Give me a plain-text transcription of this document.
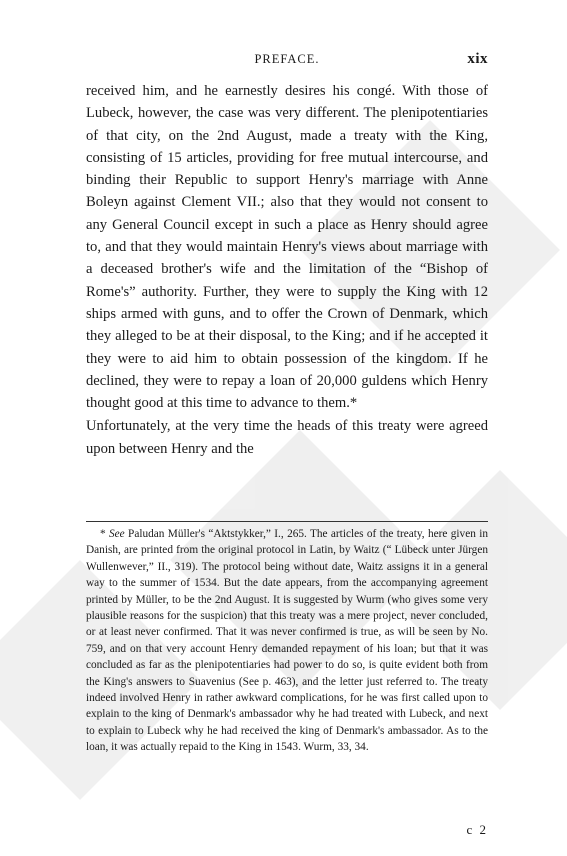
PREFACE.	xix

received him, and he earnestly desires his congé. With those of Lubeck, however, the case was very different. The plenipotentiaries of that city, on the 2nd August, made a treaty with the King, consisting of 15 articles, providing for free mutual intercourse, and binding their Republic to support Henry's marriage with Anne Boleyn against Clement VII.; also that they would not consent to any General Council except in such a place as Henry should agree to, and that they would maintain Henry's views about marriage with a deceased brother's wife and the limitation of the “Bishop of Rome's” authority. Further, they were to supply the King with 12 ships armed with guns, and to offer the Crown of Denmark, which they alleged to be at their disposal, to the King; and if he accepted it they were to aid him to obtain possession of the kingdom. If he declined, they were to repay a loan of 20,000 guldens which Henry thought good at this time to advance to them.*

Unfortunately, at the very time the heads of this treaty were agreed upon between Henry and the

* See Paludan Müller's “Aktstykker,” I., 265. The articles of the treaty, here given in Danish, are printed from the original protocol in Latin, by Waitz (“ Lübeck unter Jürgen Wullenwever,” II., 319). The protocol being without date, Waitz assigns it in a general way to the summer of 1534. But the date appears, from the accompanying agreement printed by Müller, to be the 2nd August. It is suggested by Wurm (who gives some very plausible reasons for the suspicion) that this treaty was a mere project, never concluded, or at least never confirmed. That it was never confirmed is true, as will be seen by No. 759, and on that very account Henry demanded repayment of his loan; but that it was concluded as far as the plenipotentiaries had power to do so, is quite evident both from the King's answers to Suavenius (See p. 463), and the letter just referred to. The treaty indeed involved Henry in rather awkward complications, for he was first called upon to explain to the king of Denmark's ambassador why he had treated with Lubeck, and next to explain to Lubeck why he had received the king of Denmark's ambassador. As to the loan, it was actually repaid to the King in 1543. Wurm, 33, 34.

c 2
